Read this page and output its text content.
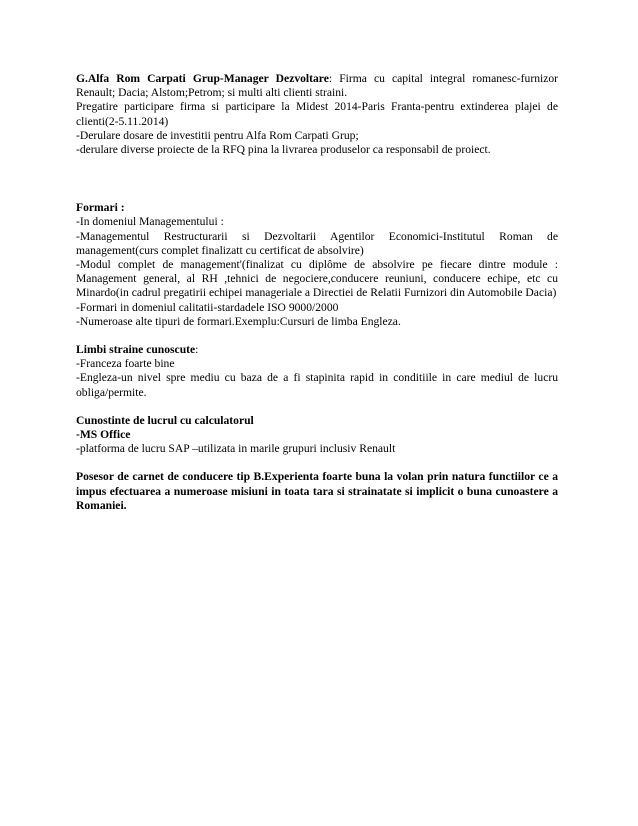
G.Alfa Rom Carpati Grup-Manager Dezvoltare: Firma cu capital integral romanesc-furnizor Renault; Dacia; Alstom;Petrom; si multi alti clienti straini.
Pregatire participare firma si participare la Midest 2014-Paris Franta-pentru extinderea plajei de clienti(2-5.11.2014)
-Derulare dosare de investitii pentru Alfa Rom Carpati Grup;
-derulare diverse proiecte de la RFQ pina la livrarea produselor ca responsabil de proiect.
Formari :
-In domeniul Managementului :
-Managementul Restructurarii si Dezvoltarii Agentilor Economici-Institutul Roman de management(curs complet finalizatt cu certificat de absolvire)
-Modul complet de management'(finalizat cu diplôme de absolvire pe fiecare dintre module : Management general, al RH ,tehnici de negociere,conducere reuniuni, conducere echipe, etc cu Minardo(in cadrul pregatirii echipei manageriale a Directiei de Relatii Furnizori din Automobile Dacia)
-Formari in domeniul calitatii-stardadele ISO 9000/2000
-Numeroase alte tipuri de formari.Exemplu:Cursuri de limba Engleza.
Limbi straine cunoscute:
-Franceza foarte bine
-Engleza-un nivel spre mediu cu baza de a fi stapinita rapid in conditiile in care mediul de lucru obliga/permite.
Cunostinte de lucrul cu calculatorul
-MS Office
-platforma de lucru SAP –utilizata in marile grupuri inclusiv Renault
Posesor de carnet de conducere tip B.Experienta foarte buna la volan prin natura functiilor ce a impus efectuarea a numeroase misiuni in toata tara si strainatate si implicit o buna cunoastere a Romaniei.
